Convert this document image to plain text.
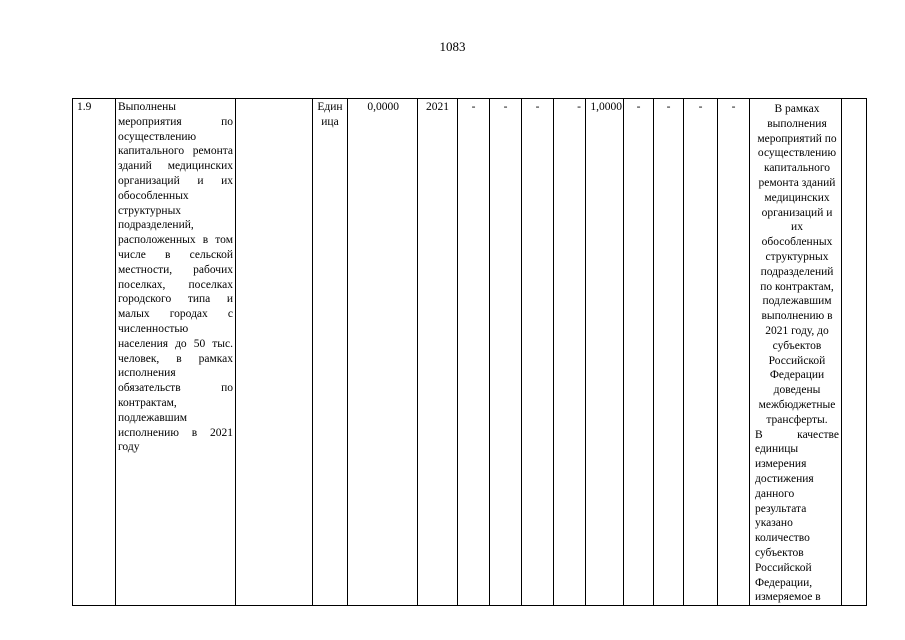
1083
1.9	Выполнены мероприятия по осуществлению капитального ремонта зданий медицинских организаций и их обособленных структурных подразделений, расположенных в том числе в сельской местности, рабочих поселках, поселках городского типа и малых городах с численностью населения до 50 тыс. человек, в рамках исполнения обязательств по контрактам, подлежавшим исполнению в 2021 году		Единица	0,0000	2021	-	-	-	-	1,0000	-	-	-	-	В рамках выполнения мероприятий по осуществлению капитального ремонта зданий медицинских организаций и их обособленных структурных подразделений по контрактам, подлежавшим выполнению в 2021 году, до субъектов Российской Федерации доведены межбюджетные трансферты.
В качестве единицы измерения достижения данного результата указано количество субъектов Российской Федерации, измеряемое в
